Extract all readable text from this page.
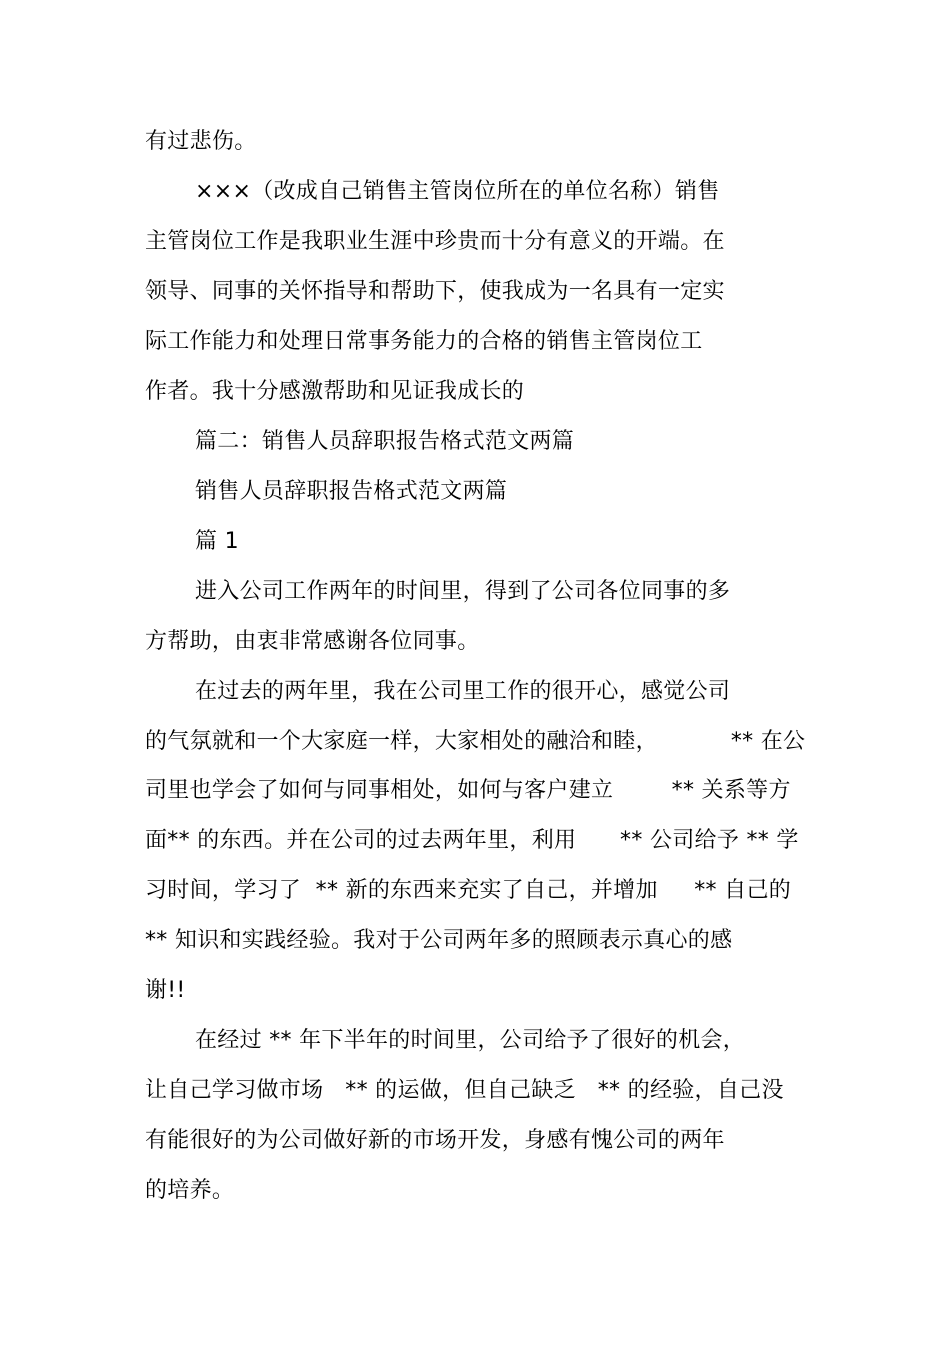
有过悲伤。
×××（改成自己销售主管岗位所在的单位名称）销售
主管岗位工作是我职业生涯中珍贵而十分有意义的开端。在
领导、同事的关怀指导和帮助下，使我成为一名具有一定实
际工作能力和处理日常事务能力的合格的销售主管岗位工
作者。我十分感激帮助和见证我成长的
篇二：销售人员辞职报告格式范文两篇
销售人员辞职报告格式范文两篇
篇 1
进入公司工作两年的时间里，得到了公司各位同事的多
方帮助，由衷非常感谢各位同事。
在过去的两年里，我在公司里工作的很开心，感觉公司
的气氛就和一个大家庭一样，大家相处的融洽和睦，          ** 在公
司里也学会了如何与同事相处，如何与客户建立        ** 关系等方
面** 的东西。并在公司的过去两年里，利用      ** 公司给予 ** 学
习时间，学习了  ** 新的东西来充实了自己，并增加     ** 自己的
** 知识和实践经验。我对于公司两年多的照顾表示真心的感
谢!!
在经过 ** 年下半年的时间里，公司给予了很好的机会，
让自己学习做市场   ** 的运做，但自己缺乏   ** 的经验，自己没
有能很好的为公司做好新的市场开发，身感有愧公司的两年
的培养。
